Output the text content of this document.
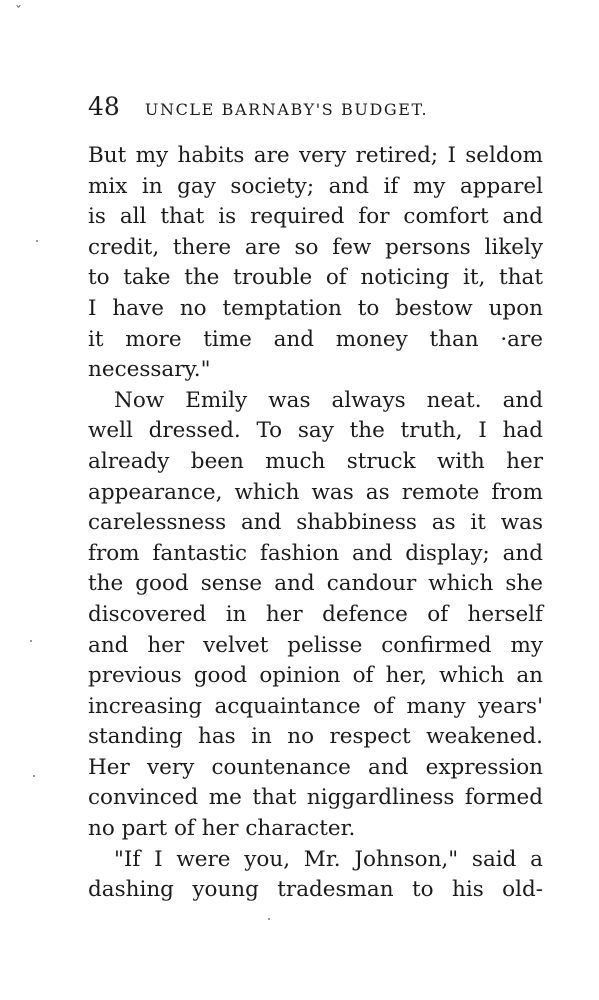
ˇ
48 UNCLE BARNABY'S BUDGET.
But my habits are very retired; I seldom
mix in gay society; and if my apparel
is all that is required for comfort and
credit, there are so few persons likely
to take the trouble of noticing it, that
I have no temptation to bestow upon
it more time and money than ·are
necessary."
Now Emily was always neat. and
well dressed. To say the truth, I had
already been much struck with her
appearance, which was as remote from
carelessness and shabbiness as it was
from fantastic fashion and display; and
the good sense and candour which she
discovered in her defence of herself
and her velvet pelisse confirmed my
previous good opinion of her, which an
increasing acquaintance of many years'
standing has in no respect weakened.
Her very countenance and expression
convinced me that niggardliness formed
no part of her character.
"If I were you, Mr. Johnson," said a
dashing young tradesman to his old-
